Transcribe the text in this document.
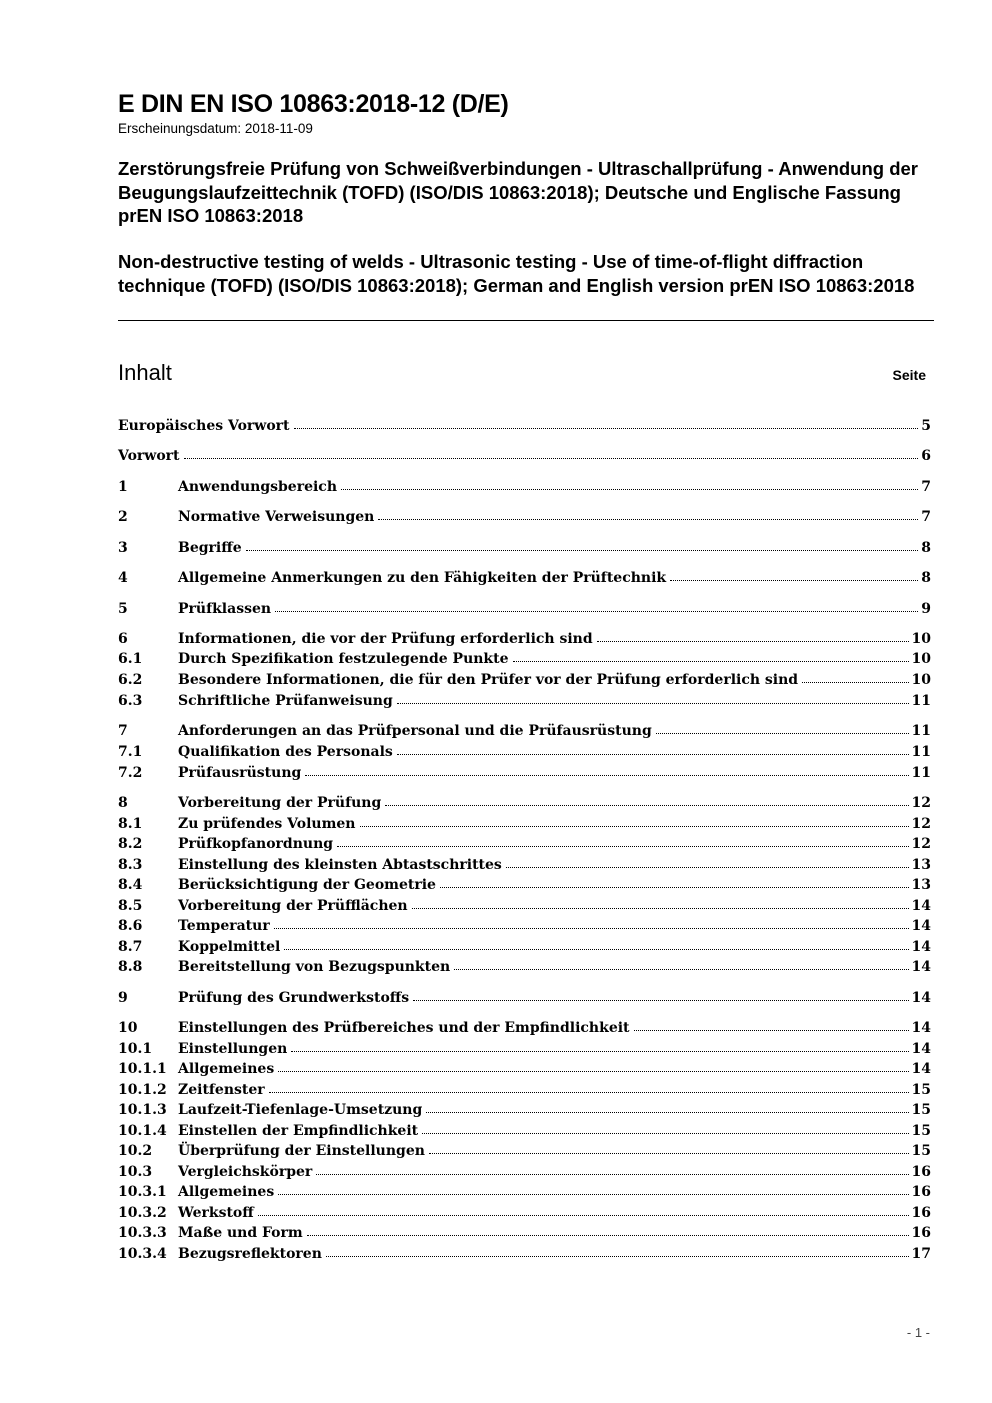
E DIN EN ISO 10863:2018-12 (D/E)
Erscheinungsdatum: 2018-11-09
Zerstörungsfreie Prüfung von Schweißverbindungen - Ultraschallprüfung - Anwendung der Beugungslaufzeittechnik (TOFD) (ISO/DIS 10863:2018); Deutsche und Englische Fassung prEN ISO 10863:2018
Non-destructive testing of welds - Ultrasonic testing - Use of time-of-flight diffraction technique (TOFD) (ISO/DIS 10863:2018); German and English version prEN ISO 10863:2018
Inhalt	Seite
Europäisches Vorwort	5
Vorwort	6
1	Anwendungsbereich	7
2	Normative Verweisungen	7
3	Begriffe	8
4	Allgemeine Anmerkungen zu den Fähigkeiten der Prüftechnik	8
5	Prüfklassen	9
6	Informationen, die vor der Prüfung erforderlich sind	10
6.1	Durch Spezifikation festzulegende Punkte	10
6.2	Besondere Informationen, die für den Prüfer vor der Prüfung erforderlich sind	10
6.3	Schriftliche Prüfanweisung	11
7	Anforderungen an das Prüfpersonal und die Prüfausrüstung	11
7.1	Qualifikation des Personals	11
7.2	Prüfausrüstung	11
8	Vorbereitung der Prüfung	12
8.1	Zu prüfendes Volumen	12
8.2	Prüfkopfanordnung	12
8.3	Einstellung des kleinsten Abtastschrittes	13
8.4	Berücksichtigung der Geometrie	13
8.5	Vorbereitung der Prüfflächen	14
8.6	Temperatur	14
8.7	Koppelmittel	14
8.8	Bereitstellung von Bezugspunkten	14
9	Prüfung des Grundwerkstoffs	14
10	Einstellungen des Prüfbereiches und der Empfindlichkeit	14
10.1	Einstellungen	14
10.1.1 Allgemeines	14
10.1.2 Zeitfenster	15
10.1.3 Laufzeit-Tiefenlage-Umsetzung	15
10.1.4 Einstellen der Empfindlichkeit	15
10.2	Überprüfung der Einstellungen	15
10.3	Vergleichskörper	16
10.3.1 Allgemeines	16
10.3.2 Werkstoff	16
10.3.3 Maße und Form	16
10.3.4 Bezugsreflektoren	17
- 1 -
